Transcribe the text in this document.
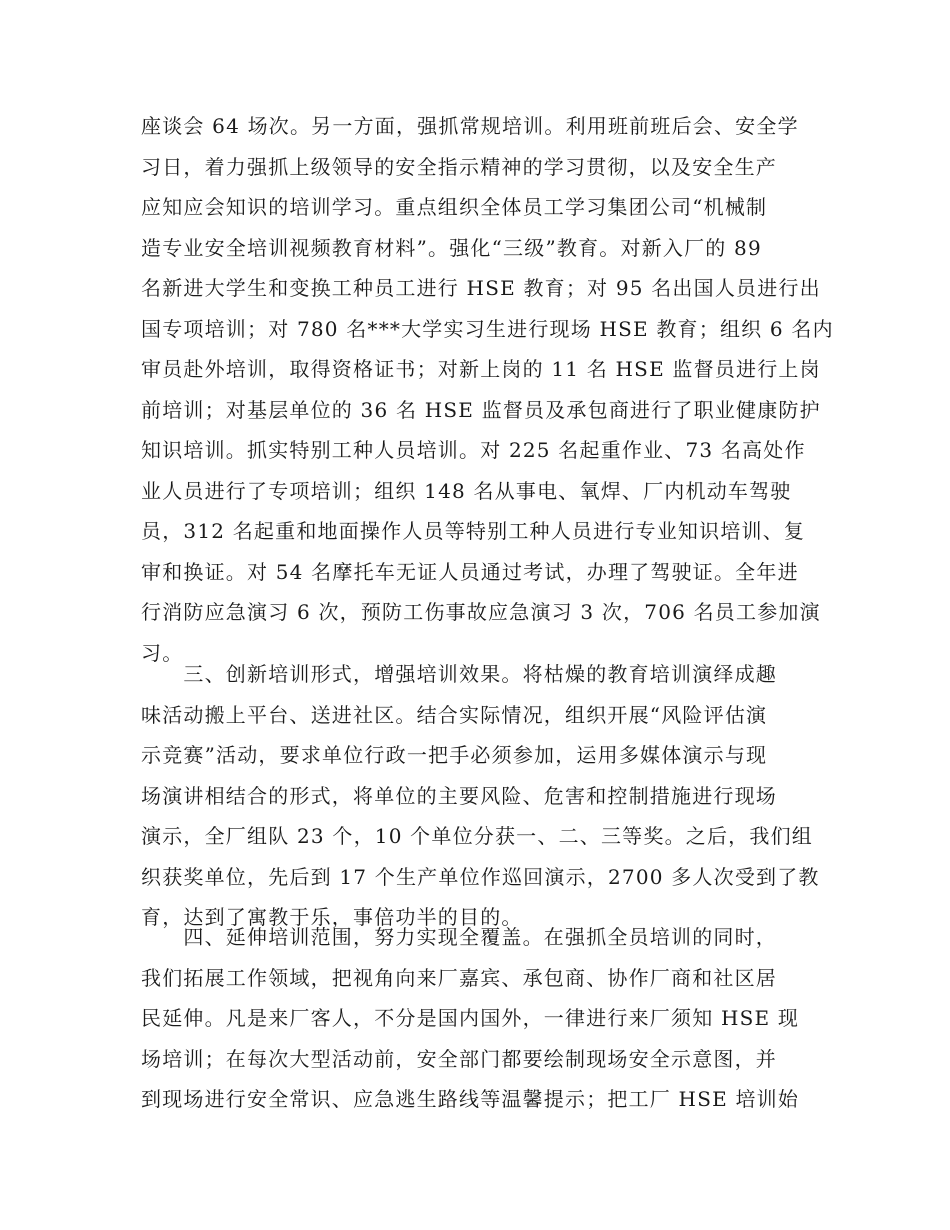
座谈会 64 场次。另一方面，强抓常规培训。利用班前班后会、安全学
习日，着力强抓上级领导的安全指示精神的学习贯彻，以及安全生产
应知应会知识的培训学习。重点组织全体员工学习集团公司“机械制
造专业安全培训视频教育材料”。强化“三级”教育。对新入厂的 89
名新进大学生和变换工种员工进行 HSE 教育；对 95 名出国人员进行出
国专项培训；对 780 名***大学实习生进行现场 HSE 教育；组织 6 名内
审员赴外培训，取得资格证书；对新上岗的 11 名 HSE 监督员进行上岗
前培训；对基层单位的 36 名 HSE 监督员及承包商进行了职业健康防护
知识培训。抓实特别工种人员培训。对 225 名起重作业、73 名高处作
业人员进行了专项培训；组织 148 名从事电、氧焊、厂内机动车驾驶
员，312 名起重和地面操作人员等特别工种人员进行专业知识培训、复
审和换证。对 54 名摩托车无证人员通过考试，办理了驾驶证。全年进
行消防应急演习 6 次，预防工伤事故应急演习 3 次，706 名员工参加演
习。
　　三、创新培训形式，增强培训效果。将枯燥的教育培训演绎成趣
味活动搬上平台、送进社区。结合实际情况，组织开展“风险评估演
示竞赛”活动，要求单位行政一把手必须参加，运用多媒体演示与现
场演讲相结合的形式，将单位的主要风险、危害和控制措施进行现场
演示，全厂组队 23 个，10 个单位分获一、二、三等奖。之后，我们组
织获奖单位，先后到 17 个生产单位作巡回演示，2700 多人次受到了教
育，达到了寓教于乐，事倍功半的目的。
　　四、延伸培训范围，努力实现全覆盖。在强抓全员培训的同时，
我们拓展工作领域，把视角向来厂嘉宾、承包商、协作厂商和社区居
民延伸。凡是来厂客人，不分是国内国外，一律进行来厂须知 HSE 现
场培训；在每次大型活动前，安全部门都要绘制现场安全示意图，并
到现场进行安全常识、应急逃生路线等温馨提示；把工厂 HSE 培训始
